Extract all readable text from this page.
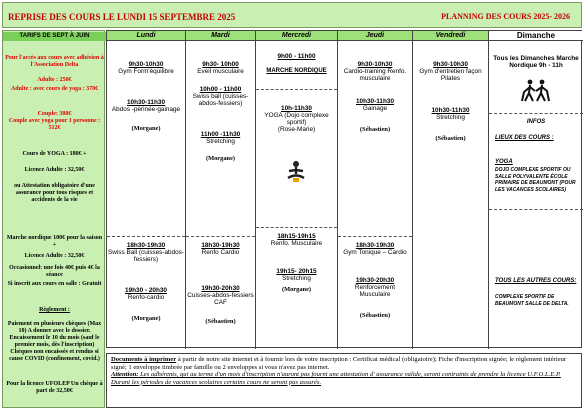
REPRISE DES COURS LE LUNDI 15 SEPTEMBRE 2025	PLANNING DES COURS 2025- 2026
TARIFS DE SEPT À JUIN
Pour l'accès aux cours avec adhésion à l'Association Delta
Adulte : 250€
Adulte : avec cours de yoga : 370€
Couple: 380€
Couple avec yoga pour 1 personne : 512€
Cours de YOGA : 180€ +
Licence Adulte : 32,50€
ou Attestation obligatoire d'une assurance pour tous risques et accidents de la vie
Marche nordique 100€ pour la saison +
Licence Adulte : 32,50€
Occasionnel: une fois 40€ puis 4€ la séance
Si inscrit aux cours en salle : Gratuit
Règlement :
Paiement en plusieurs chèques (Max 10) A donner avec le dossier. Encaissement le 10 du mois (sauf le premier mois, dès l'inscription) Chèques non encaissés et rendus si cause COVID (confinement, covid.)
Pour la licence UFOLEP Un chèque à part de 32,50€
Lundi
9h30-10h30
Gym Form'équilibre
10h30-11h30
Abdos -périnée-gainage
(Morgane)
18h30-19h30
Swiss Ball (cuisses-abdos-fessiers)
19h30 - 20h30
Renfo-cardio
(Morgane)
Mardi
9h30- 10h00
Eveil musculaire
10h00 - 11h00
Swiss ball (cuisses-abdos-fessiers)
11h00 -11h30
Stretching
(Morgane)
18h30-19h30
Renfo Cardio
19h30-20h30
Cuisses-abdos-fessiers CAF
(Sébastien)
Mercredi
9h00 - 11h00
MARCHE NORDIQUE
10h-11h30
YOGA (Dojo complexe sportif)
(Rose-Marie)
18h15-19h15
Renfo. Musculaire
19h15- 20h15
Stretching
(Morgane)
Jeudi
9h30-10h30
Cardio-training Renfo. musculaire
10h30-11h30
Gainage
(Sébastien)
18h30-19h30
Gym Tonique – Cardio
19h30-20h30
Renforcement Musculaire
(Sébastien)
Vendredi
9h30-10h30
Gym d'entretien façon Pilates
10h30-11h30
Stretching
(Sébastien)
Dimanche
Tous les Dimanches Marche Nordique 9h - 11h
INFOS
LIEUX DES COURS :
YOGA
DOJO COMPLEXE SPORTIF OU SALLE POLYVALENTE ÉCOLE PRIMAIRE DE BEAUMONT (POUR LES VACANCES SCOLAIRES)
TOUS LES AUTRES COURS:
COMPLEXE SPORTIF DE BEAUMONT SALLE DE DELTA.
Documents à imprimer à partir de notre site internet et à fournir lors de votre inscription : Certificat médical (obligatoire); Fiche d'inscription signée; le règlement intérieur signé; 1 enveloppe timbrée par famille ou 2 enveloppes si vous n'avez pas internet.
Attention: Les adhérents, qui au terme d'un mois d'inscription n'auront pas fourni une attestation d' assurance valide, seront contraints de prendre la licence U.F.O.L.E.P. Durant les périodes de vacances scolaires certains cours ne seront pas assurés.
